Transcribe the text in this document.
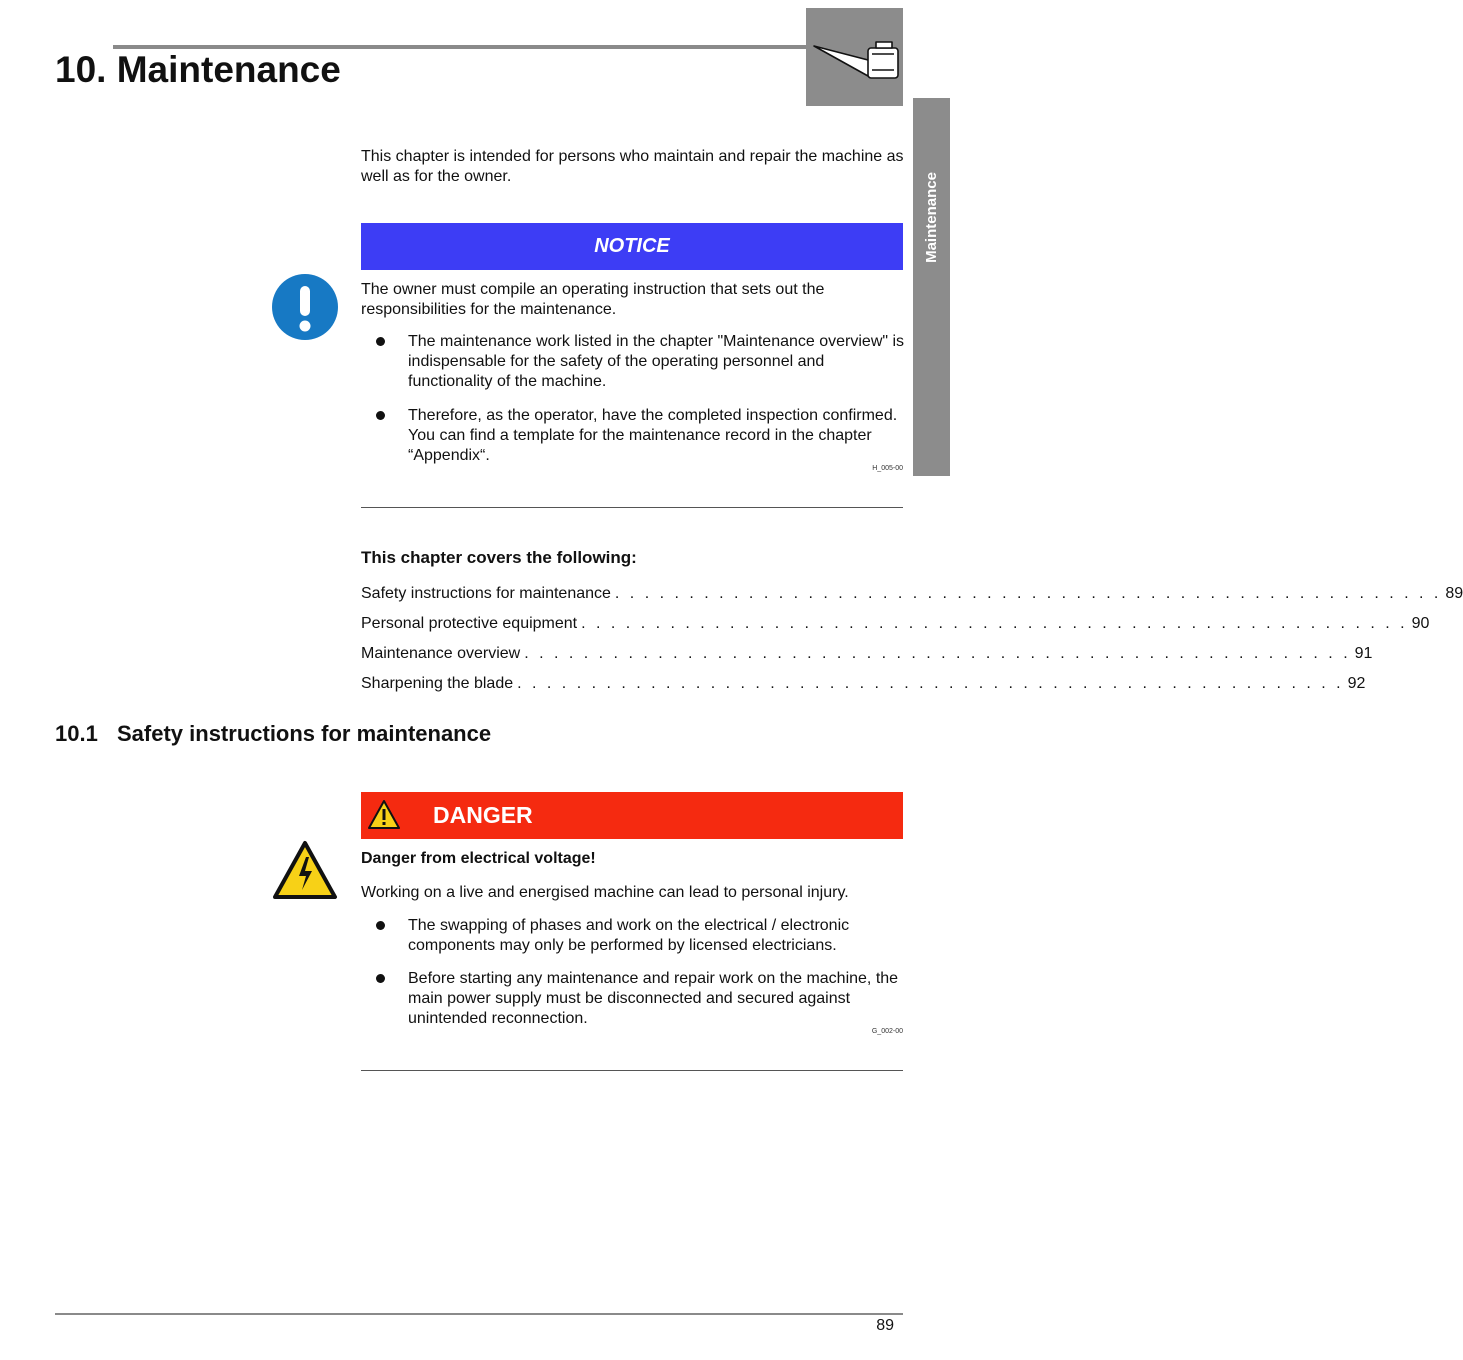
10. Maintenance
Maintenance
This chapter is intended for persons who maintain and repair the machine as well as for the owner.
NOTICE
The owner must compile an operating instruction that sets out the responsibilities for the maintenance.
The maintenance work listed in the chapter "Maintenance overview" is indispensable for the safety of the operating personnel and functionality of the machine.
Therefore, as the operator, have the completed inspection confirmed. You can find a template for the maintenance record in the chapter “Appendix“.
H_005-00
This chapter covers the following:
Safety instructions for maintenance . . . . . . . . . . . . . . . . . . . . . . . . . . . . . . . . . . . . . . . . . . . . . . . . . . . . . . . . 89
Personal protective equipment . . . . . . . . . . . . . . . . . . . . . . . . . . . . . . . . . . . . . . . . . . . . . . . . . . . . . . . . 90
Maintenance overview . . . . . . . . . . . . . . . . . . . . . . . . . . . . . . . . . . . . . . . . . . . . . . . . . . . . . . . . 91
Sharpening the blade . . . . . . . . . . . . . . . . . . . . . . . . . . . . . . . . . . . . . . . . . . . . . . . . . . . . . . . . 92
10.1 Safety instructions for maintenance
DANGER
Danger from electrical voltage!
Working on a live and energised machine can lead to personal injury.
The swapping of phases and work on the electrical / electronic components may only be performed by licensed electricians.
Before starting any maintenance and repair work on the machine, the main power supply must be disconnected and secured against unintended reconnection.
G_002-00
89
